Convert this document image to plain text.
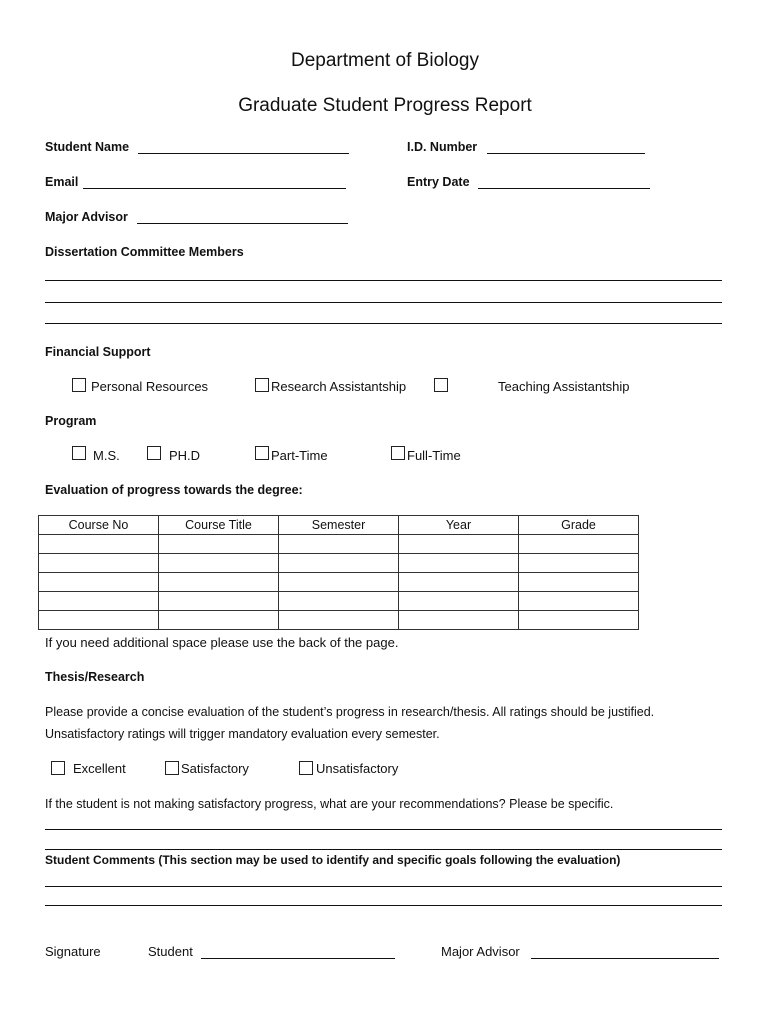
Department of Biology
Graduate Student Progress Report
Student Name	I.D. Number
Email	Entry Date
Major Advisor
Dissertation Committee Members
Financial Support
Personal Resources	Research Assistantship	Teaching Assistantship
Program
M.S.	PH.D	Part-Time	Full-Time
Evaluation of progress towards the degree:
Course No	Course Title	Semester	Year	Grade

If you need additional space please use the back of the page.
Thesis/Research
Please provide a concise evaluation of the student’s progress in research/thesis. All ratings should be justified.
Unsatisfactory ratings will trigger mandatory evaluation every semester.
Excellent	Satisfactory	Unsatisfactory
If the student is not making satisfactory progress, what are your recommendations? Please be specific.
Student Comments (This section may be used to identify and specific goals following the evaluation)
Signature	Student	Major Advisor
